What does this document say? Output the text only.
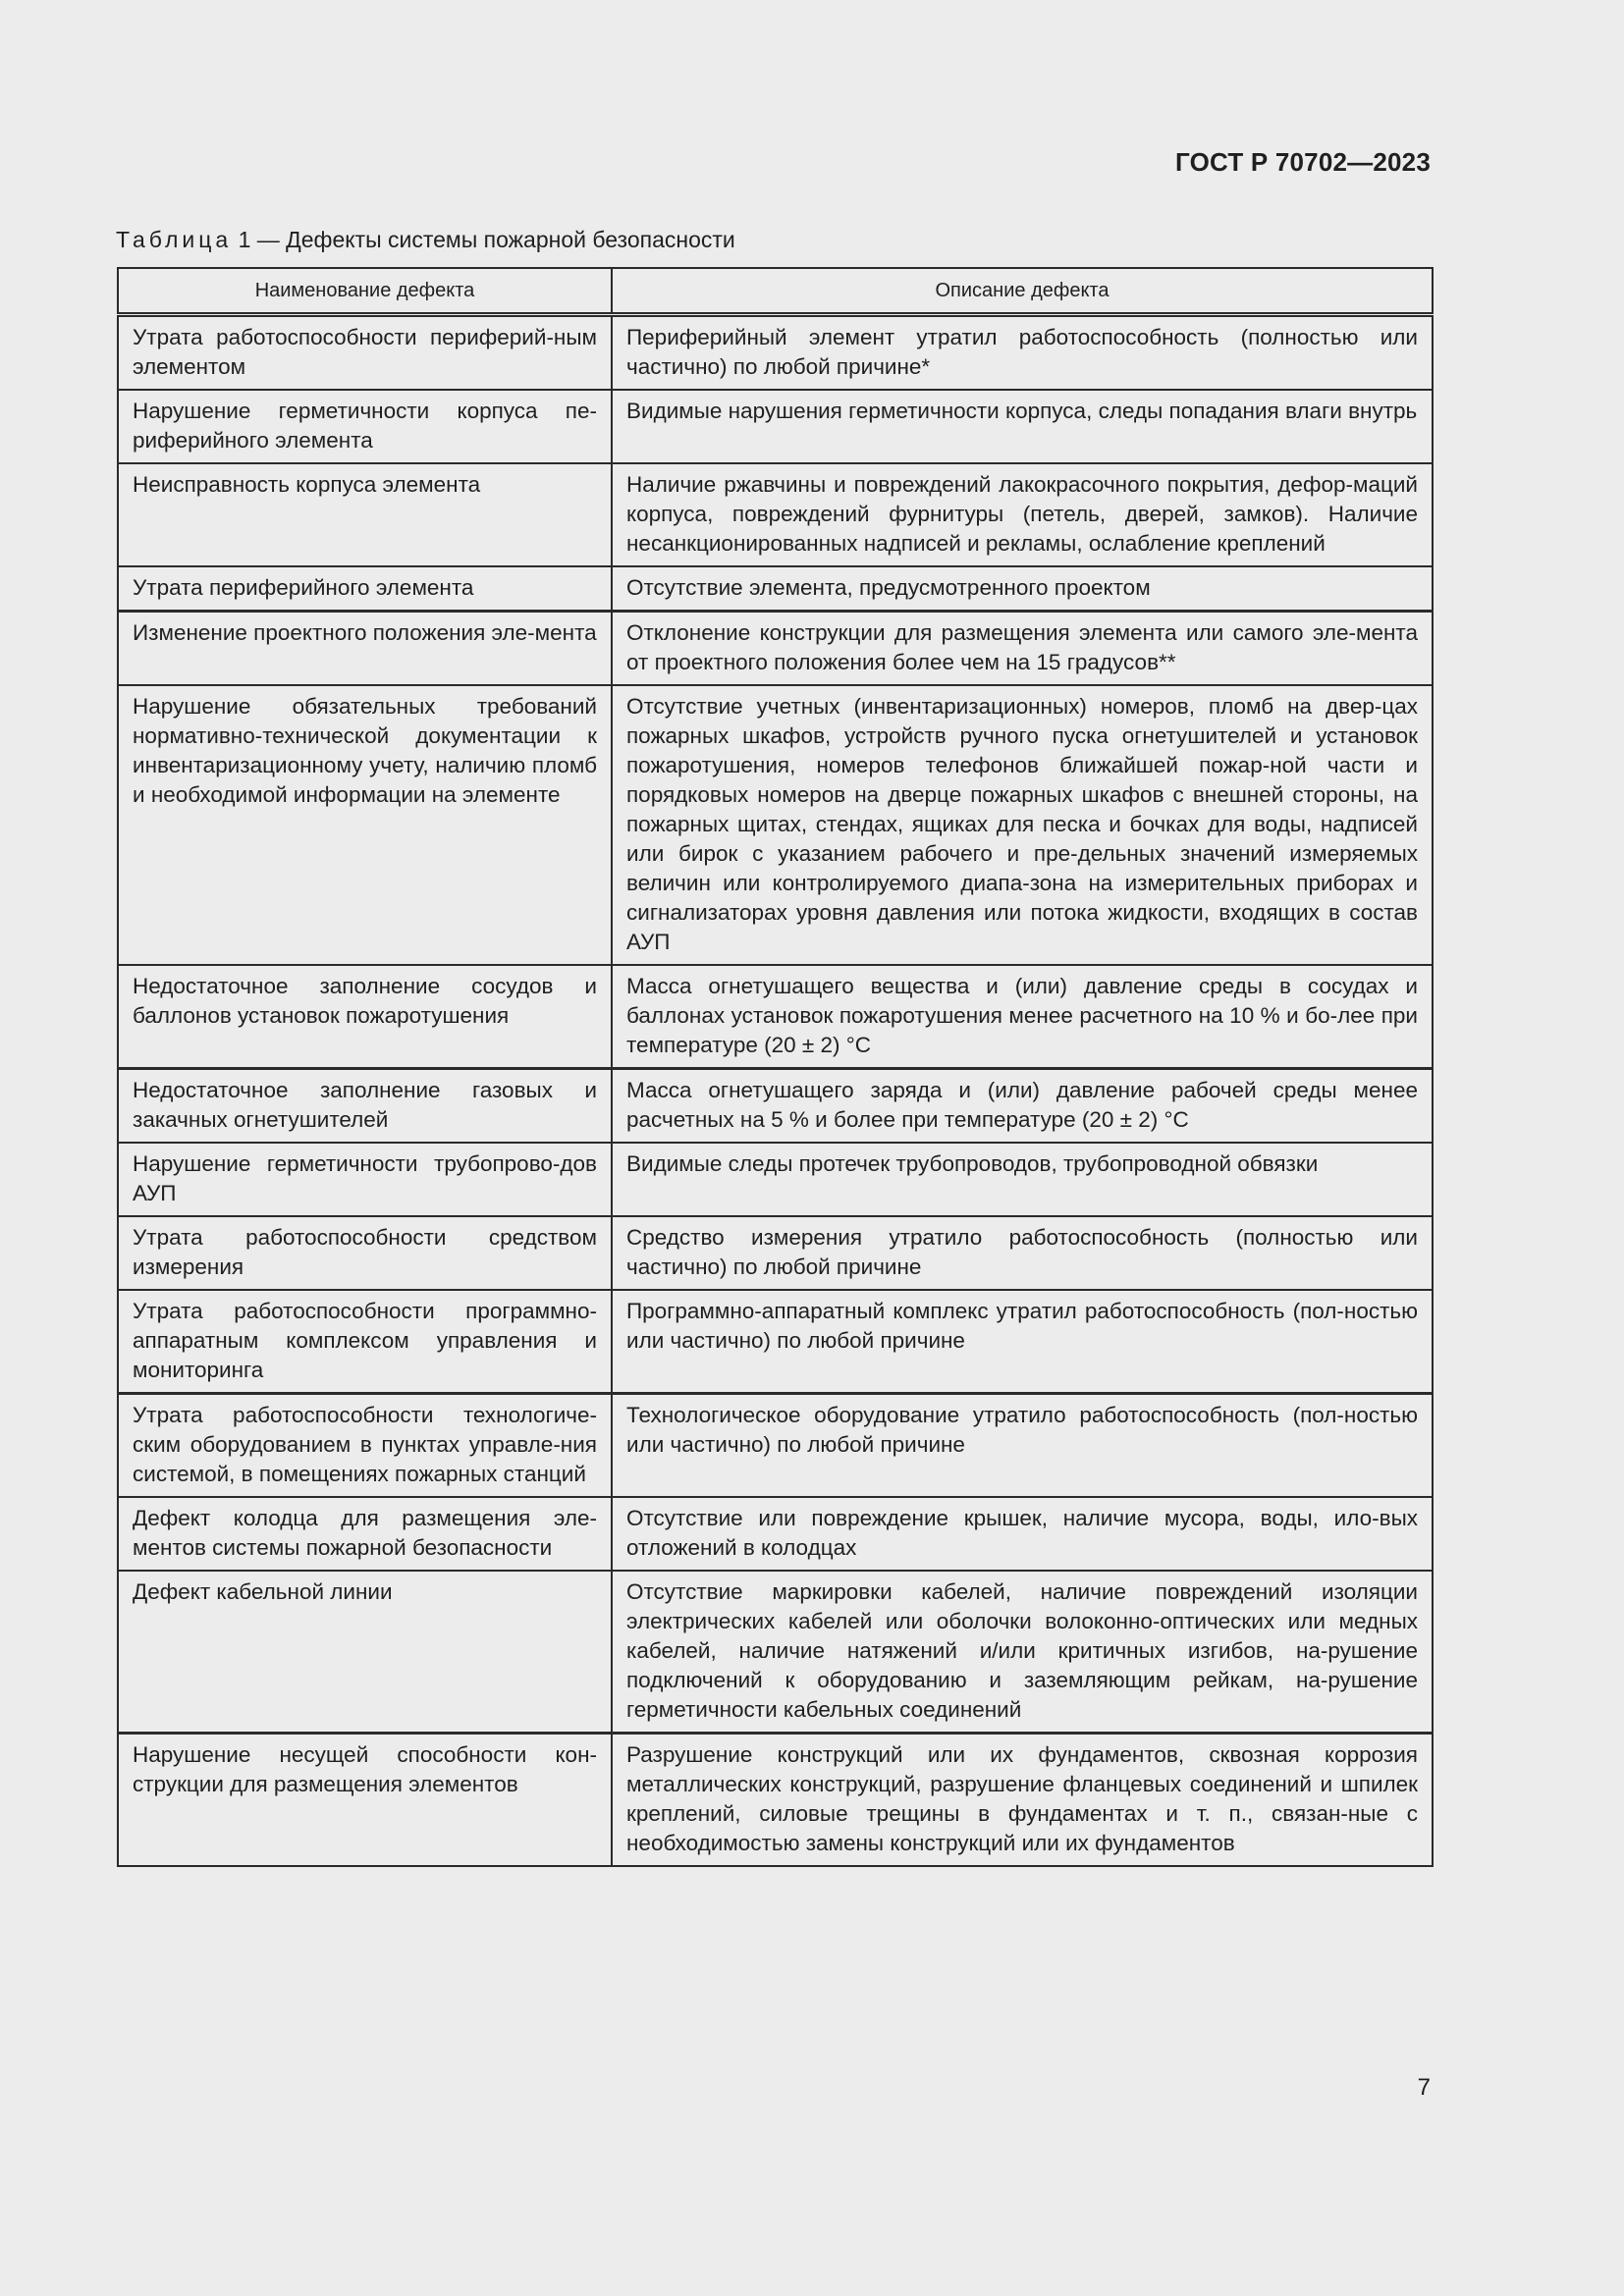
ГОСТ Р 70702—2023
Таблица 1 — Дефекты системы пожарной безопасности
Наименование дефекта	Описание дефекта
Утрата работоспособности периферий-ным элементом	Периферийный элемент утратил работоспособность (полностью или частично) по любой причине*
Нарушение герметичности корпуса пе-риферийного элемента	Видимые нарушения герметичности корпуса, следы попадания влаги внутрь
Неисправность корпуса элемента	Наличие ржавчины и повреждений лакокрасочного покрытия, дефор-маций корпуса, повреждений фурнитуры (петель, дверей, замков). Наличие несанкционированных надписей и рекламы, ослабление креплений
Утрата периферийного элемента	Отсутствие элемента, предусмотренного проектом
Изменение проектного положения эле-мента	Отклонение конструкции для размещения элемента или самого эле-мента от проектного положения более чем на 15 градусов**
Нарушение обязательных требований нормативно-технической документации к инвентаризационному учету, наличию пломб и необходимой информации на элементе	Отсутствие учетных (инвентаризационных) номеров, пломб на двер-цах пожарных шкафов, устройств ручного пуска огнетушителей и установок пожаротушения, номеров телефонов ближайшей пожар-ной части и порядковых номеров на дверце пожарных шкафов с внешней стороны, на пожарных щитах, стендах, ящиках для песка и бочках для воды, надписей или бирок с указанием рабочего и пре-дельных значений измеряемых величин или контролируемого диапа-зона на измерительных приборах и сигнализаторах уровня давления или потока жидкости, входящих в состав АУП
Недостаточное заполнение сосудов и баллонов установок пожаротушения	Масса огнетушащего вещества и (или) давление среды в сосудах и баллонах установок пожаротушения менее расчетного на 10 % и бо-лее при температуре (20 ± 2) °С
Недостаточное заполнение газовых и закачных огнетушителей	Масса огнетушащего заряда и (или) давление рабочей среды менее расчетных на 5 % и более при температуре (20 ± 2) °С
Нарушение герметичности трубопрово-дов АУП	Видимые следы протечек трубопроводов, трубопроводной обвязки
Утрата работоспособности средством измерения	Средство измерения утратило работоспособность (полностью или частично) по любой причине
Утрата работоспособности программно-аппаратным комплексом управления и мониторинга	Программно-аппаратный комплекс утратил работоспособность (пол-ностью или частично) по любой причине
Утрата работоспособности технологиче-ским оборудованием в пунктах управле-ния системой, в помещениях пожарных станций	Технологическое оборудование утратило работоспособность (пол-ностью или частично) по любой причине
Дефект колодца для размещения эле-ментов системы пожарной безопасности	Отсутствие или повреждение крышек, наличие мусора, воды, ило-вых отложений в колодцах
Дефект кабельной линии	Отсутствие маркировки кабелей, наличие повреждений изоляции электрических кабелей или оболочки волоконно-оптических или медных кабелей, наличие натяжений и/или критичных изгибов, на-рушение подключений к оборудованию и заземляющим рейкам, на-рушение герметичности кабельных соединений
Нарушение несущей способности кон-струкции для размещения элементов	Разрушение конструкций или их фундаментов, сквозная коррозия металлических конструкций, разрушение фланцевых соединений и шпилек креплений, силовые трещины в фундаментах и т. п., связан-ные с необходимостью замены конструкций или их фундаментов
7
